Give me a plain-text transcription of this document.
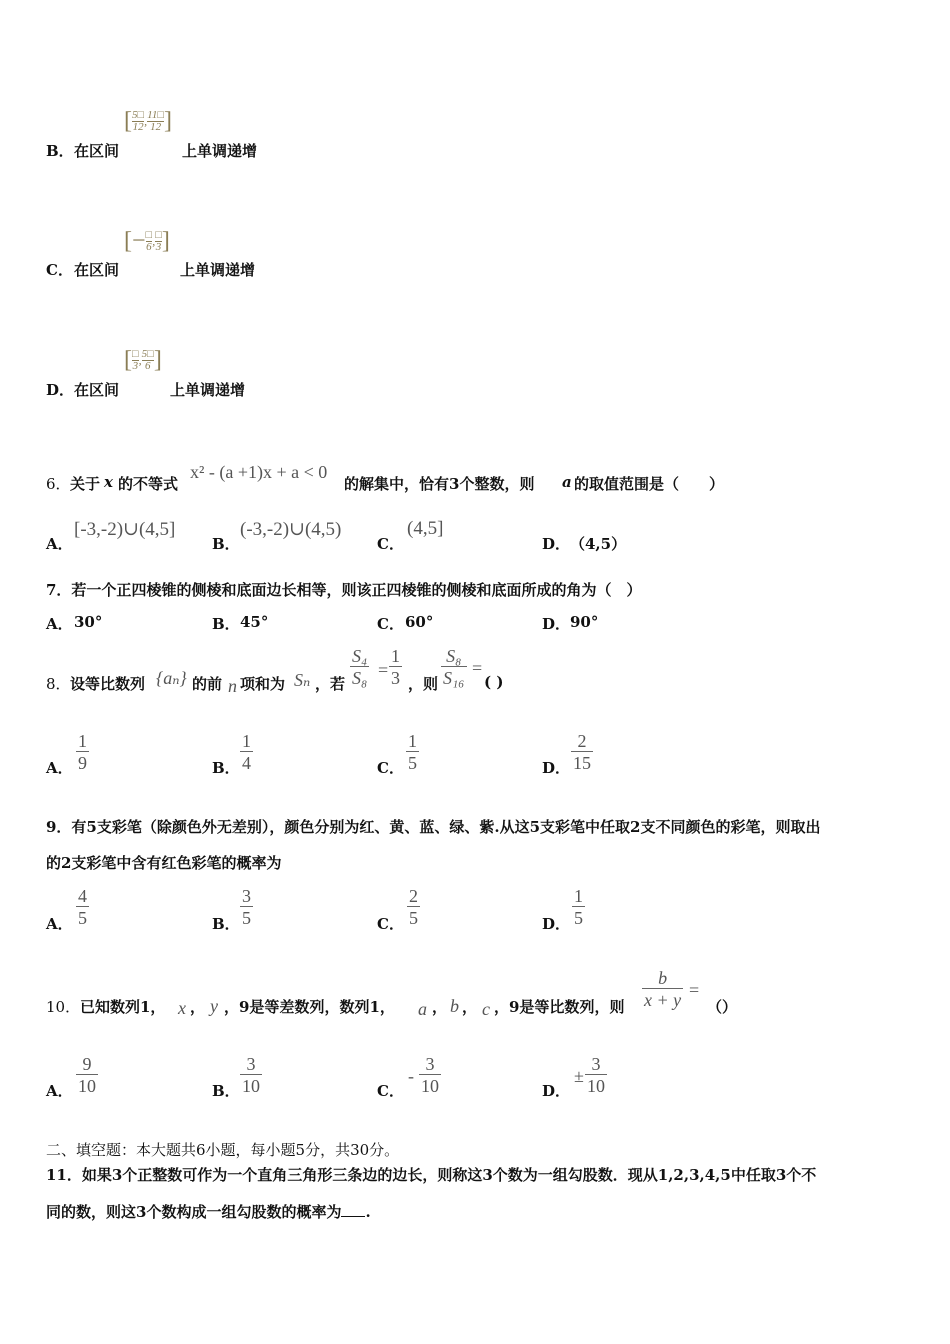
[ 5□
12 , 11□
12 ]
B． 在区间	上单调递增
[− □
6 , □
3 ]
C． 在区间	上单调递增
[ □
3 , 5□
6 ]
D． 在区间	上单调递增
6． 关于 x 的不等式
x² - (a +1)x + a < 0
的解集中，恰有3个整数，则 a 的取值范围是（　　）
A．
[-3,-2)∪(4,5]
B．
(-3,-2)∪(4,5)
C．
(4,5]
D． （4,5）
7．若一个正四棱锥的侧棱和底面边长相等，则该正四棱锥的侧棱和底面所成的角为（　）
A． 30°	B． 45°	C． 60°	D． 90°
8． 设等比数列 {aₙ} 的前 n 项和为 Sₙ ，若
S₄
S₈ =
1
3 ，则
S₈
S₁₆ =
( )
A．
1
9	B．
1
4	C．
1
5	D．
2
15
9．有5支彩笔（除颜色外无差别），颜色分别为红、黄、蓝、绿、紫.从这5支彩笔中任取2支不同颜色的彩笔，则取出
的2支彩笔中含有红色彩笔的概率为
A．
4
5	B．
3
5	C．
2
5	D．
1
5
10． 已知数列1， x ， y ，9是等差数列，数列1， a ， b ， c ，9是等比数列，则
b
x + y =
（）
A．
9
10	B．
3
10	C．
-
3
10	D．
±
3
10
二、填空题：本大题共6小题，每小题5分，共30分。
11．如果3个正整数可作为一个直角三角形三条边的边长，则称这3个数为一组勾股数．现从1,2,3,4,5中任取3个不
同的数，则这3个数构成一组勾股数的概率为 .
